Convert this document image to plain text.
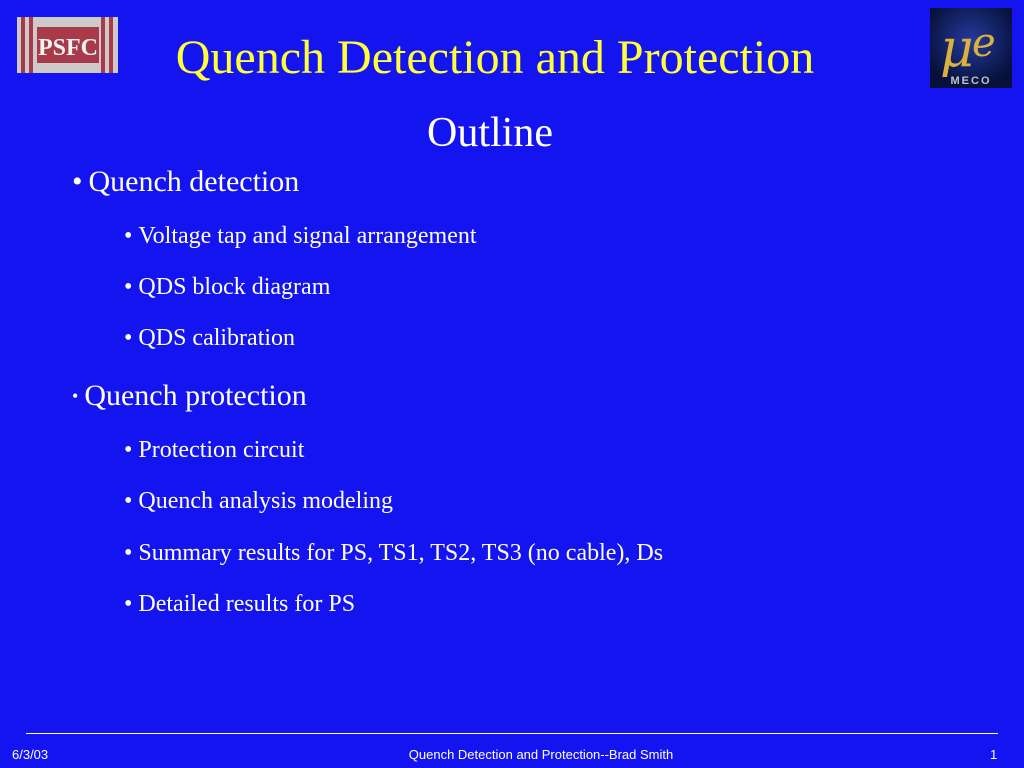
PSFC	Quench Detection and Protection	μ
e
MECO
Outline
• Quench detection
• Voltage tap and signal arrangement
• QDS block diagram
• QDS calibration
• Quench protection
• Protection circuit
• Quench analysis modeling
• Summary results for PS, TS1, TS2, TS3 (no cable), Ds
• Detailed results for PS
6/3/03	Quench Detection and Protection--Brad Smith	1
